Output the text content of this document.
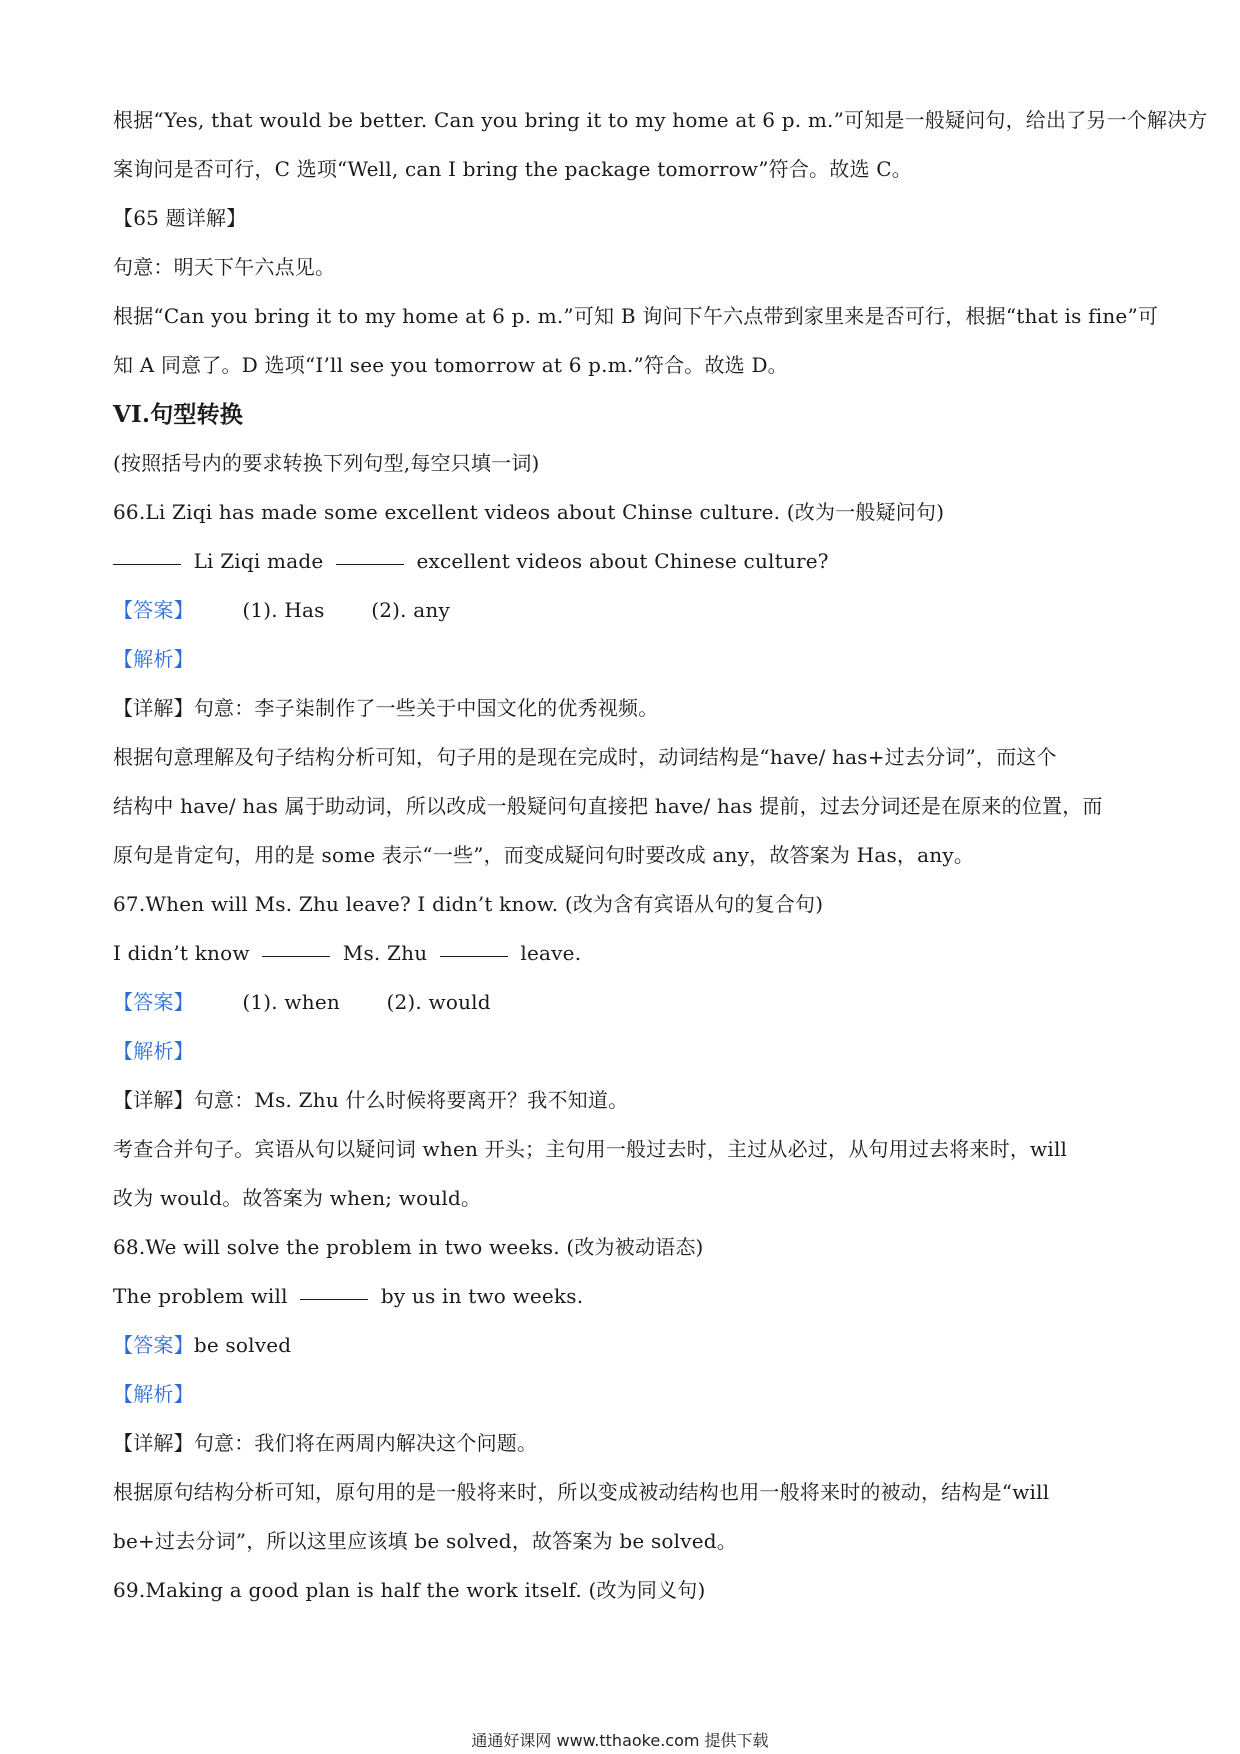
根据“Yes, that would be better. Can you bring it to my home at 6 p. m.”可知是一般疑问句，给出了另一个解决方
案询问是否可行，C 选项“Well, can I bring the package tomorrow”符合。故选 C。
【65 题详解】
句意：明天下午六点见。
根据“Can you bring it to my home at 6 p. m.”可知 B 询问下午六点带到家里来是否可行，根据“that is fine”可
知 A 同意了。D 选项“I’ll see you tomorrow at 6 p.m.”符合。故选 D。
VI.句型转换
(按照括号内的要求转换下列句型,每空只填一词)
66.Li Ziqi has made some excellent videos about Chinse culture. (改为一般疑问句)
Li Ziqi made	excellent videos about Chinese culture?
【答案】 (1). Has (2). any
【解析】
【详解】句意：李子柒制作了一些关于中国文化的优秀视频。
根据句意理解及句子结构分析可知，句子用的是现在完成时，动词结构是“have/ has+过去分词”，而这个
结构中 have/ has 属于助动词，所以改成一般疑问句直接把 have/ has 提前，过去分词还是在原来的位置，而
原句是肯定句，用的是 some 表示“一些”，而变成疑问句时要改成 any，故答案为 Has，any。
67.When will Ms. Zhu leave? I didn’t know. (改为含有宾语从句的复合句)
I didn’t know	Ms. Zhu	leave.
【答案】 (1). when (2). would
【解析】
【详解】句意：Ms. Zhu 什么时候将要离开？我不知道。
考查合并句子。宾语从句以疑问词 when 开头；主句用一般过去时，主过从必过，从句用过去将来时，will
改为 would。故答案为 when; would。
68.We will solve the problem in two weeks. (改为被动语态)
The problem will	by us in two weeks.
【答案】be solved
【解析】
【详解】句意：我们将在两周内解决这个问题。
根据原句结构分析可知，原句用的是一般将来时，所以变成被动结构也用一般将来时的被动，结构是“will
be+过去分词”，所以这里应该填 be solved，故答案为 be solved。
69.Making a good plan is half the work itself. (改为同义句)
通通好课网 www.tthaoke.com 提供下载
